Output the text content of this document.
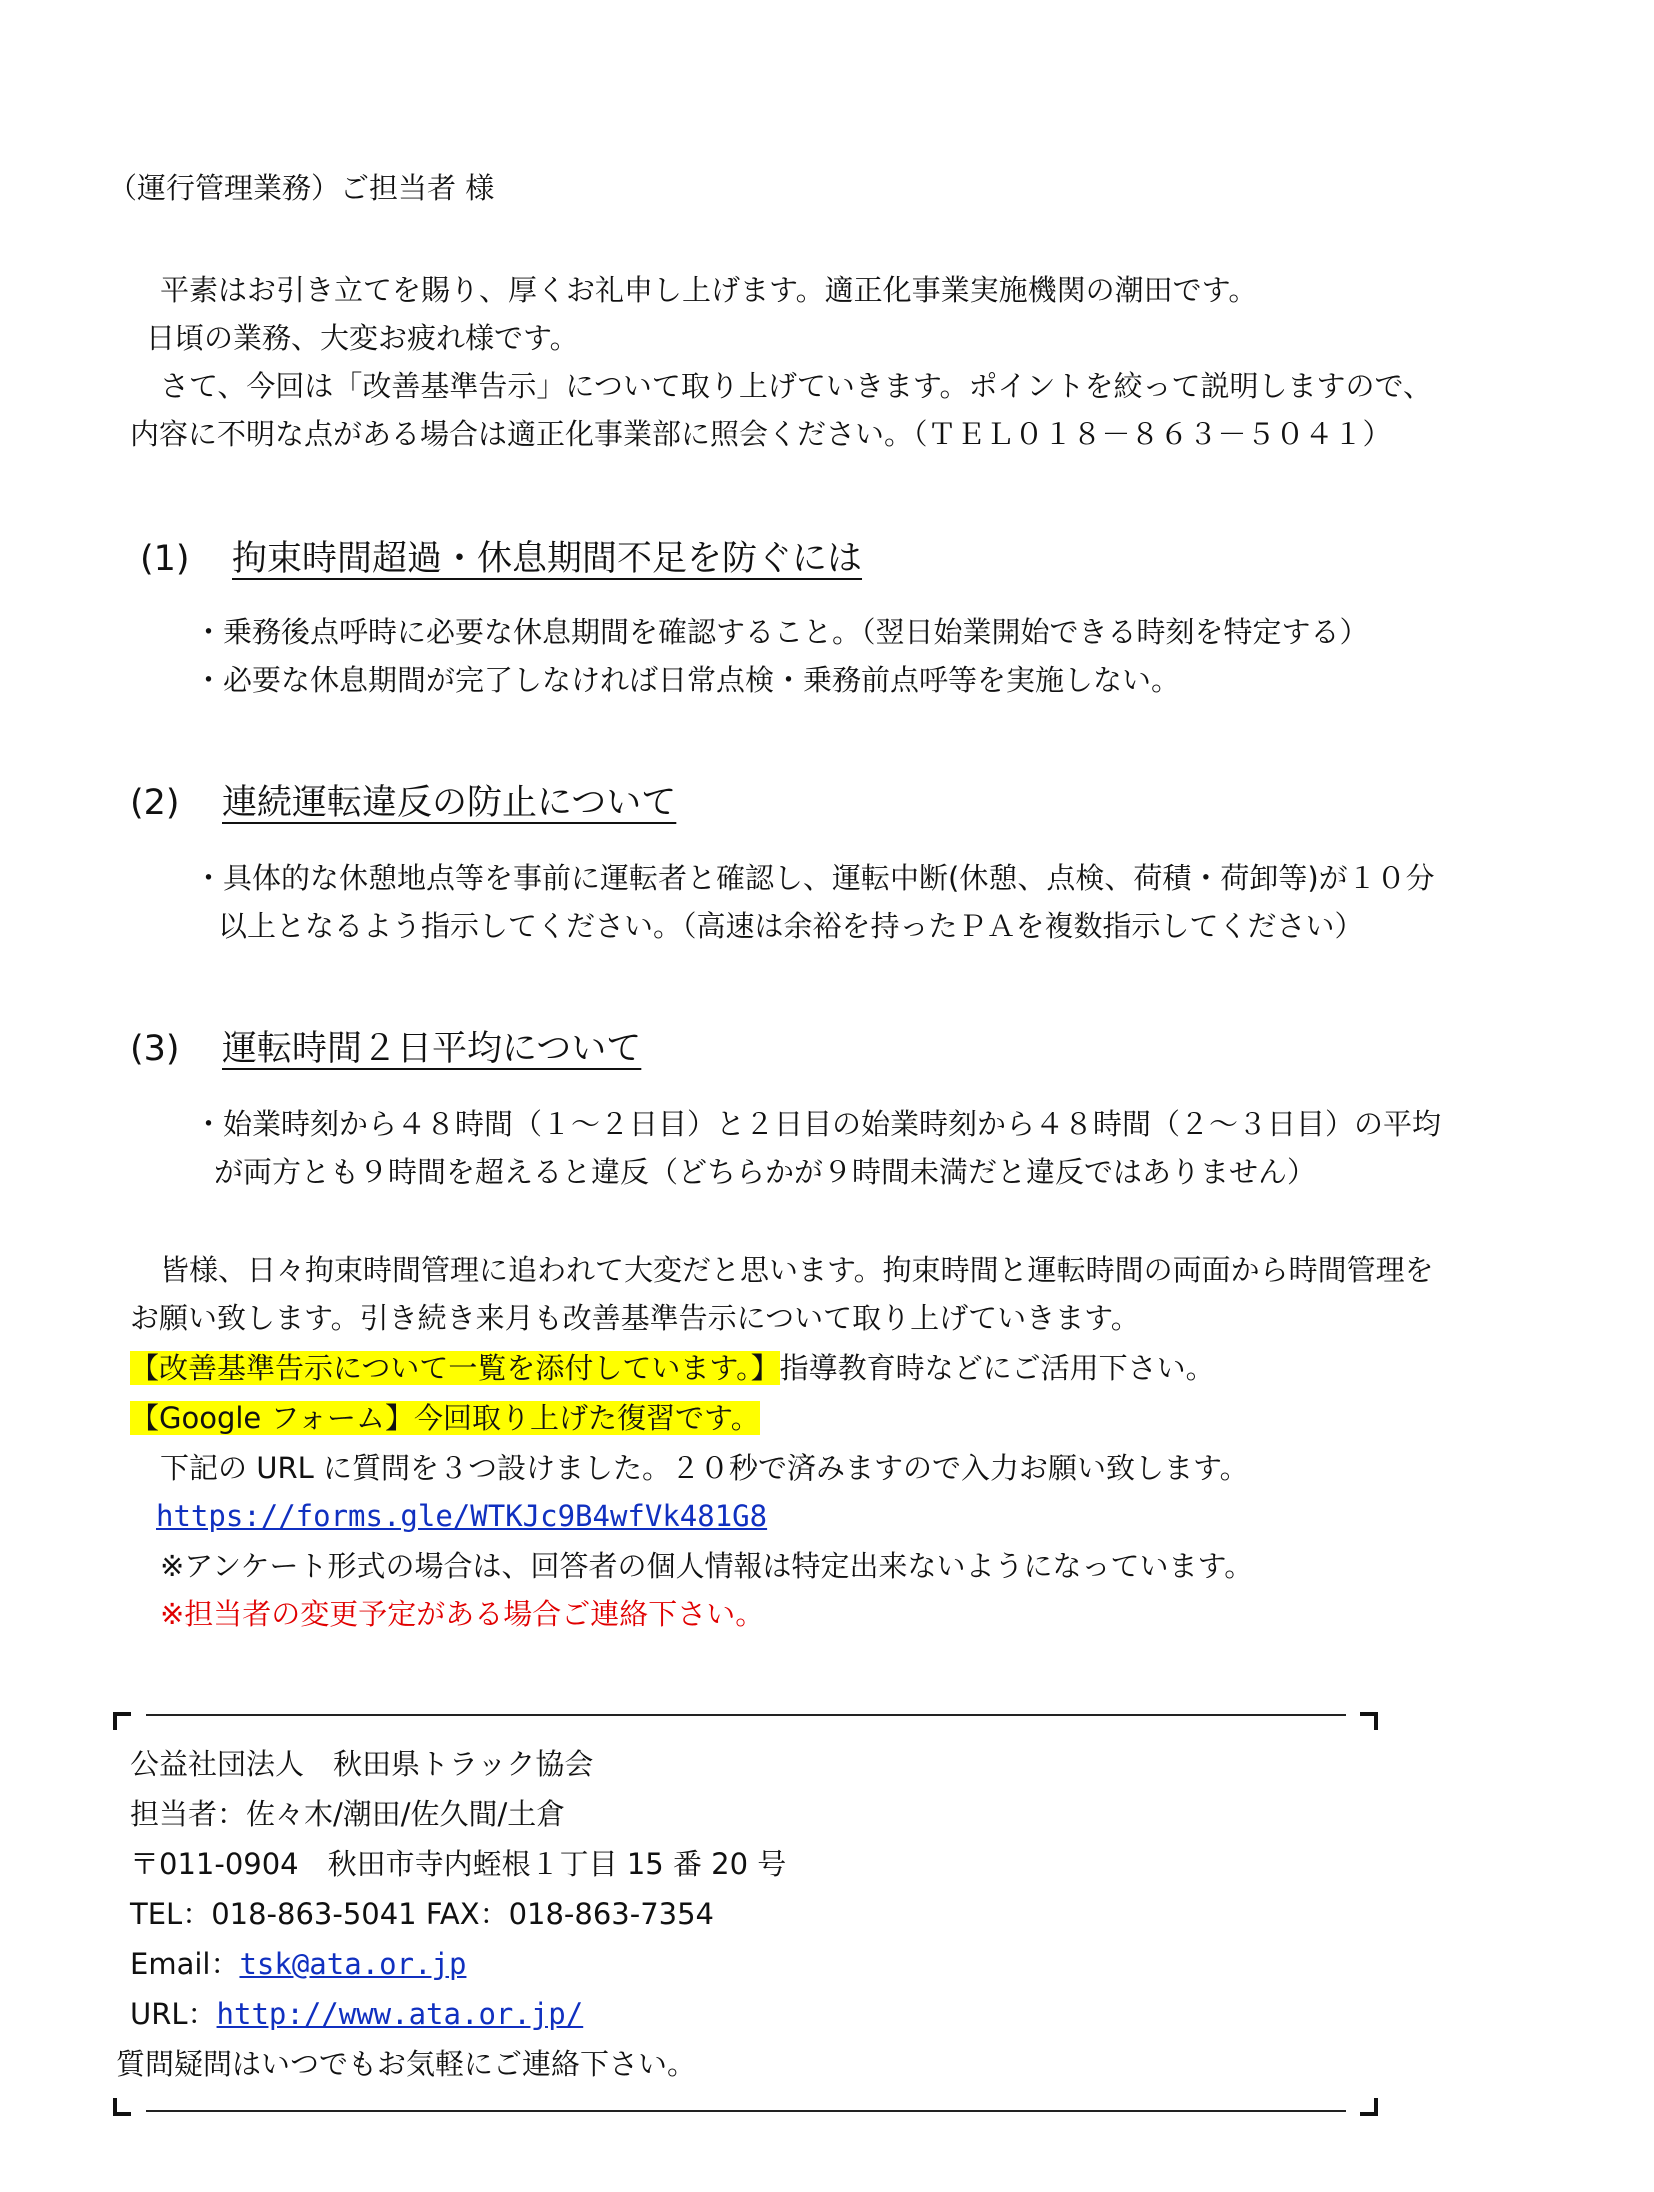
（運行管理業務）ご担当者 様
平素はお引き立てを賜り、厚くお礼申し上げます。適正化事業実施機関の潮田です。
日頃の業務、大変お疲れ様です。
さて、今回は「改善基準告示」について取り上げていきます。ポイントを絞って説明しますので、
内容に不明な点がある場合は適正化事業部に照会ください。（ＴＥＬ０１８－８６３－５０４１）
(1) 拘束時間超過・休息期間不足を防ぐには
・乗務後点呼時に必要な休息期間を確認すること。（翌日始業開始できる時刻を特定する）
・必要な休息期間が完了しなければ日常点検・乗務前点呼等を実施しない。
(2) 連続運転違反の防止について
・具体的な休憩地点等を事前に運転者と確認し、運転中断(休憩、点検、荷積・荷卸等)が１０分
以上となるよう指示してください。（高速は余裕を持ったＰＡを複数指示してください）
(3) 運転時間２日平均について
・始業時刻から４８時間（１～２日目）と２日目の始業時刻から４８時間（２～３日目）の平均
が両方とも９時間を超えると違反（どちらかが９時間未満だと違反ではありません）
皆様、日々拘束時間管理に追われて大変だと思います。拘束時間と運転時間の両面から時間管理を
お願い致します。引き続き来月も改善基準告示について取り上げていきます。
【改善基準告示について一覧を添付しています。】指導教育時などにご活用下さい。
【Google フォーム】今回取り上げた復習です。
下記の URL に質問を３つ設けました。２０秒で済みますので入力お願い致します。
https://forms.gle/WTKJc9B4wfVk481G8
※アンケート形式の場合は、回答者の個人情報は特定出来ないようになっています。
※担当者の変更予定がある場合ご連絡下さい。
公益社団法人　秋田県トラック協会
担当者：佐々木/潮田/佐久間/土倉
〒011-0904　秋田市寺内蛭根１丁目 15 番 20 号
TEL：018-863-5041 FAX：018-863-7354
Email：tsk@ata.or.jp
URL：http://www.ata.or.jp/
質問疑問はいつでもお気軽にご連絡下さい。
